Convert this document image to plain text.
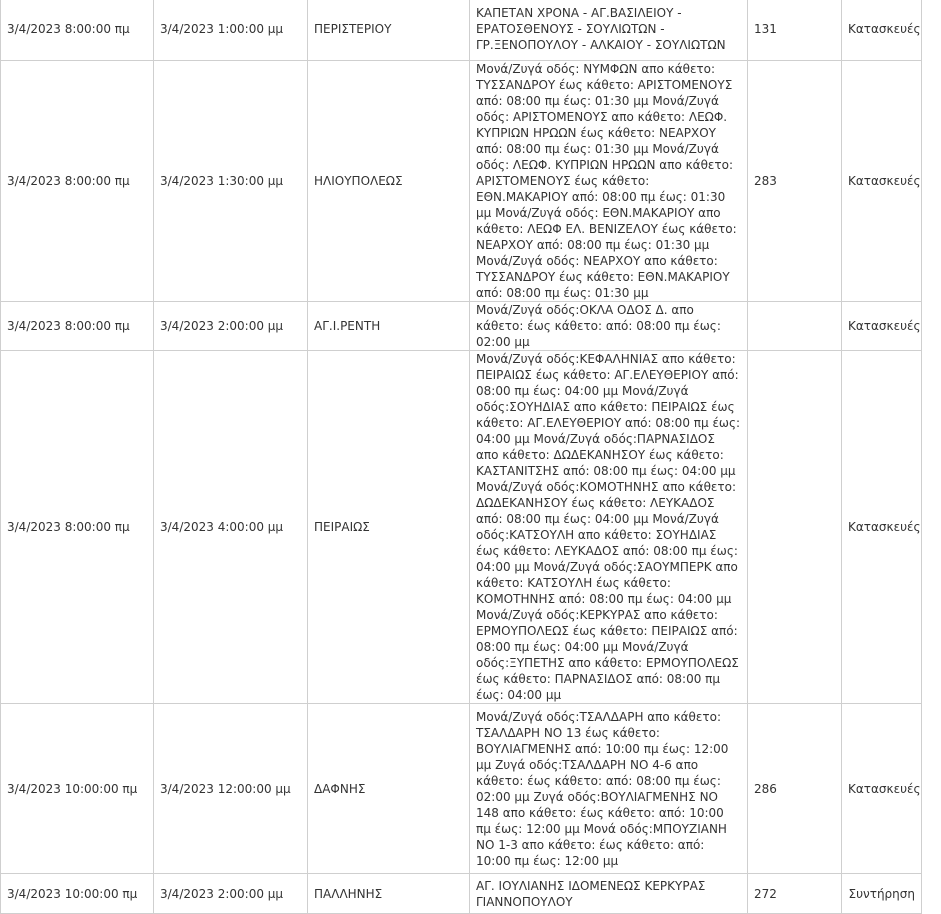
3/4/2023 8:00:00 πμ	3/4/2023 1:00:00 μμ	ΠΕΡΙΣΤΕΡΙΟΥ	ΚΑΠΕΤΑΝ ΧΡΟΝΑ - ΑΓ.ΒΑΣΙΛΕΙΟΥ - ΕΡΑΤΟΣΘΕΝΟΥΣ - ΣΟΥΛΙΩΤΩΝ - ΓΡ.ΞΕΝΟΠΟΥΛΟΥ - ΑΛΚΑΙΟΥ - ΣΟΥΛΙΩΤΩΝ	131	Κατασκευές
3/4/2023 8:00:00 πμ	3/4/2023 1:30:00 μμ	ΗΛΙΟΥΠΟΛΕΩΣ	Μονά/Ζυγά οδός: ΝΥΜΦΩΝ απο κάθετο: ΤΥΣΣΑΝΔΡΟΥ έως κάθετο: ΑΡΙΣΤΟΜΕΝΟΥΣ από: 08:00 πμ έως: 01:30 μμ Μονά/Ζυγά οδός: ΑΡΙΣΤΟΜΕΝΟΥΣ απο κάθετο: ΛΕΩΦ. ΚΥΠΡΙΩΝ ΗΡΩΩΝ έως κάθετο: ΝΕΑΡΧΟΥ από: 08:00 πμ έως: 01:30 μμ Μονά/Ζυγά οδός: ΛΕΩΦ. ΚΥΠΡΙΩΝ ΗΡΩΩΝ απο κάθετο: ΑΡΙΣΤΟΜΕΝΟΥΣ έως κάθετο: ΕΘΝ.ΜΑΚΑΡΙΟΥ από: 08:00 πμ έως: 01:30 μμ Μονά/Ζυγά οδός: ΕΘΝ.ΜΑΚΑΡΙΟΥ απο κάθετο: ΛΕΩΦ ΕΛ. ΒΕΝΙΖΕΛΟΥ έως κάθετο: ΝΕΑΡΧΟΥ από: 08:00 πμ έως: 01:30 μμ Μονά/Ζυγά οδός: ΝΕΑΡΧΟΥ απο κάθετο: ΤΥΣΣΑΝΔΡΟΥ έως κάθετο: ΕΘΝ.ΜΑΚΑΡΙΟΥ από: 08:00 πμ έως: 01:30 μμ	283	Κατασκευές
3/4/2023 8:00:00 πμ	3/4/2023 2:00:00 μμ	ΑΓ.Ι.ΡΕΝΤΗ	Μονά/Ζυγά οδός:ΟΚΛΑ ΟΔΟΣ Δ. απο κάθετο: έως κάθετο: από: 08:00 πμ έως: 02:00 μμ		Κατασκευές
3/4/2023 8:00:00 πμ	3/4/2023 4:00:00 μμ	ΠΕΙΡΑΙΩΣ	Μονά/Ζυγά οδός:ΚΕΦΑΛΗΝΙΑΣ απο κάθετο: ΠΕΙΡΑΙΩΣ έως κάθετο: ΑΓ.ΕΛΕΥΘΕΡΙΟΥ από: 08:00 πμ έως: 04:00 μμ Μονά/Ζυγά οδός:ΣΟΥΗΔΙΑΣ απο κάθετο: ΠΕΙΡΑΙΩΣ έως κάθετο: ΑΓ.ΕΛΕΥΘΕΡΙΟΥ από: 08:00 πμ έως: 04:00 μμ Μονά/Ζυγά οδός:ΠΑΡΝΑΣΙΔΟΣ απο κάθετο: ΔΩΔΕΚΑΝΗΣΟΥ έως κάθετο: ΚΑΣΤΑΝΙΤΣΗΣ από: 08:00 πμ έως: 04:00 μμ Μονά/Ζυγά οδός:ΚΟΜΟΤΗΝΗΣ απο κάθετο: ΔΩΔΕΚΑΝΗΣΟΥ έως κάθετο: ΛΕΥΚΑΔΟΣ από: 08:00 πμ έως: 04:00 μμ Μονά/Ζυγά οδός:ΚΑΤΣΟΥΛΗ απο κάθετο: ΣΟΥΗΔΙΑΣ έως κάθετο: ΛΕΥΚΑΔΟΣ από: 08:00 πμ έως: 04:00 μμ Μονά/Ζυγά οδός:ΣΑΟΥΜΠΕΡΚ απο κάθετο: ΚΑΤΣΟΥΛΗ έως κάθετο: ΚΟΜΟΤΗΝΗΣ από: 08:00 πμ έως: 04:00 μμ Μονά/Ζυγά οδός:ΚΕΡΚΥΡΑΣ απο κάθετο: ΕΡΜΟΥΠΟΛΕΩΣ έως κάθετο: ΠΕΙΡΑΙΩΣ από: 08:00 πμ έως: 04:00 μμ Μονά/Ζυγά οδός:ΞΥΠΕΤΗΣ απο κάθετο: ΕΡΜΟΥΠΟΛΕΩΣ έως κάθετο: ΠΑΡΝΑΣΙΔΟΣ από: 08:00 πμ έως: 04:00 μμ		Κατασκευές
3/4/2023 10:00:00 πμ	3/4/2023 12:00:00 μμ	ΔΑΦΝΗΣ	Μονά/Ζυγά οδός:ΤΣΑΛΔΑΡΗ απο κάθετο: ΤΣΑΛΔΑΡΗ ΝΟ 13 έως κάθετο: ΒΟΥΛΙΑΓΜΕΝΗΣ από: 10:00 πμ έως: 12:00 μμ Ζυγά οδός:ΤΣΑΛΔΑΡΗ ΝΟ 4-6 απο κάθετο: έως κάθετο: από: 08:00 πμ έως: 02:00 μμ Ζυγά οδός:ΒΟΥΛΙΑΓΜΕΝΗΣ ΝΟ 148 απο κάθετο: έως κάθετο: από: 10:00 πμ έως: 12:00 μμ Μονά οδός:ΜΠΟΥΖΙΑΝΗ ΝΟ 1-3 απο κάθετο: έως κάθετο: από: 10:00 πμ έως: 12:00 μμ	286	Κατασκευές
3/4/2023 10:00:00 πμ	3/4/2023 2:00:00 μμ	ΠΑΛΛΗΝΗΣ	ΑΓ. ΙΟΥΛΙΑΝΗΣ ΙΔΟΜΕΝΕΩΣ ΚΕΡΚΥΡΑΣ ΓΙΑΝΝΟΠΟΥΛΟΥ	272	Συντήρηση
